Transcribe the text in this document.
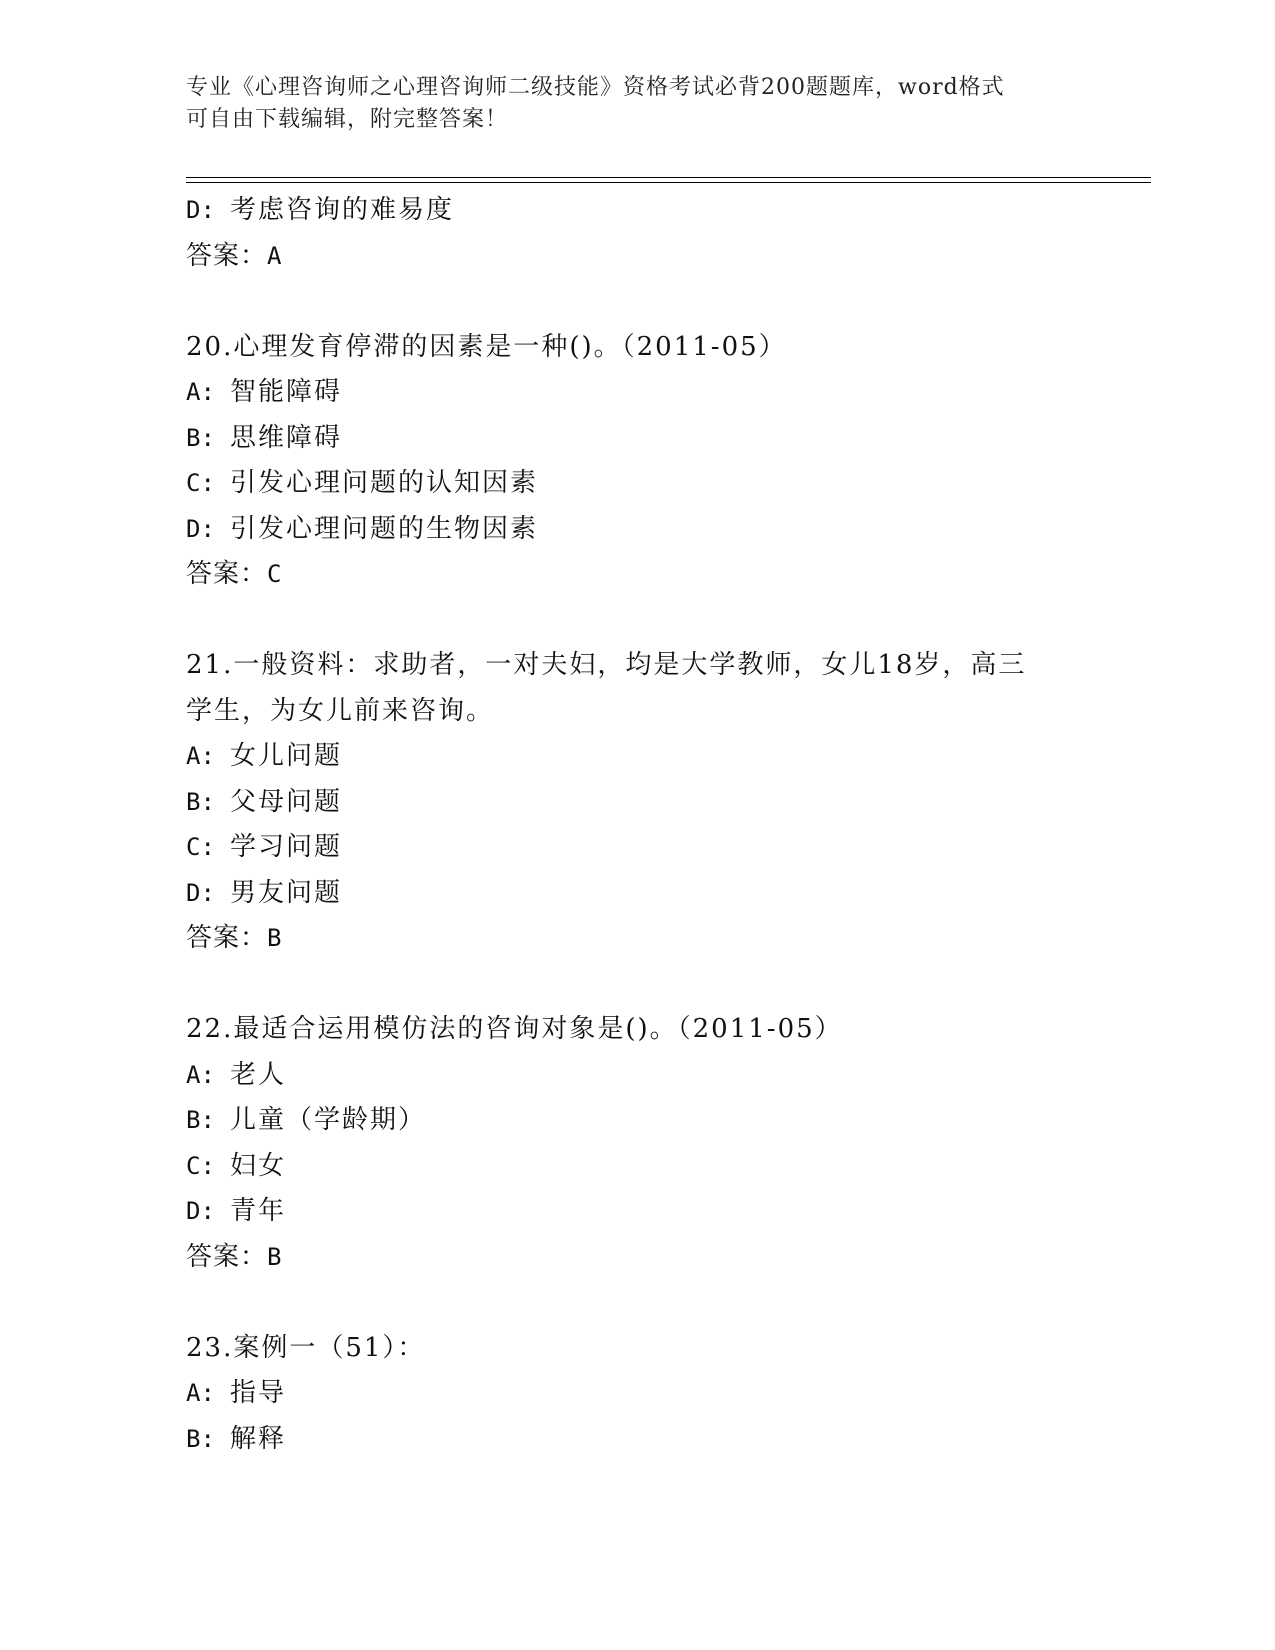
专业《心理咨询师之心理咨询师二级技能》资格考试必背200题题库，word格式
可自由下载编辑，附完整答案！
D: 考虑咨询的难易度
答案：A
20.心理发育停滞的因素是一种()。（2011-05）
A: 智能障碍
B: 思维障碍
C: 引发心理问题的认知因素
D: 引发心理问题的生物因素
答案：C
21.一般资料：求助者，一对夫妇，均是大学教师，女儿18岁，高三
学生，为女儿前来咨询。
A: 女儿问题
B: 父母问题
C: 学习问题
D: 男友问题
答案：B
22.最适合运用模仿法的咨询对象是()。（2011-05）
A: 老人
B: 儿童（学龄期）
C: 妇女
D: 青年
答案：B
23.案例一（51）：
A: 指导
B: 解释
